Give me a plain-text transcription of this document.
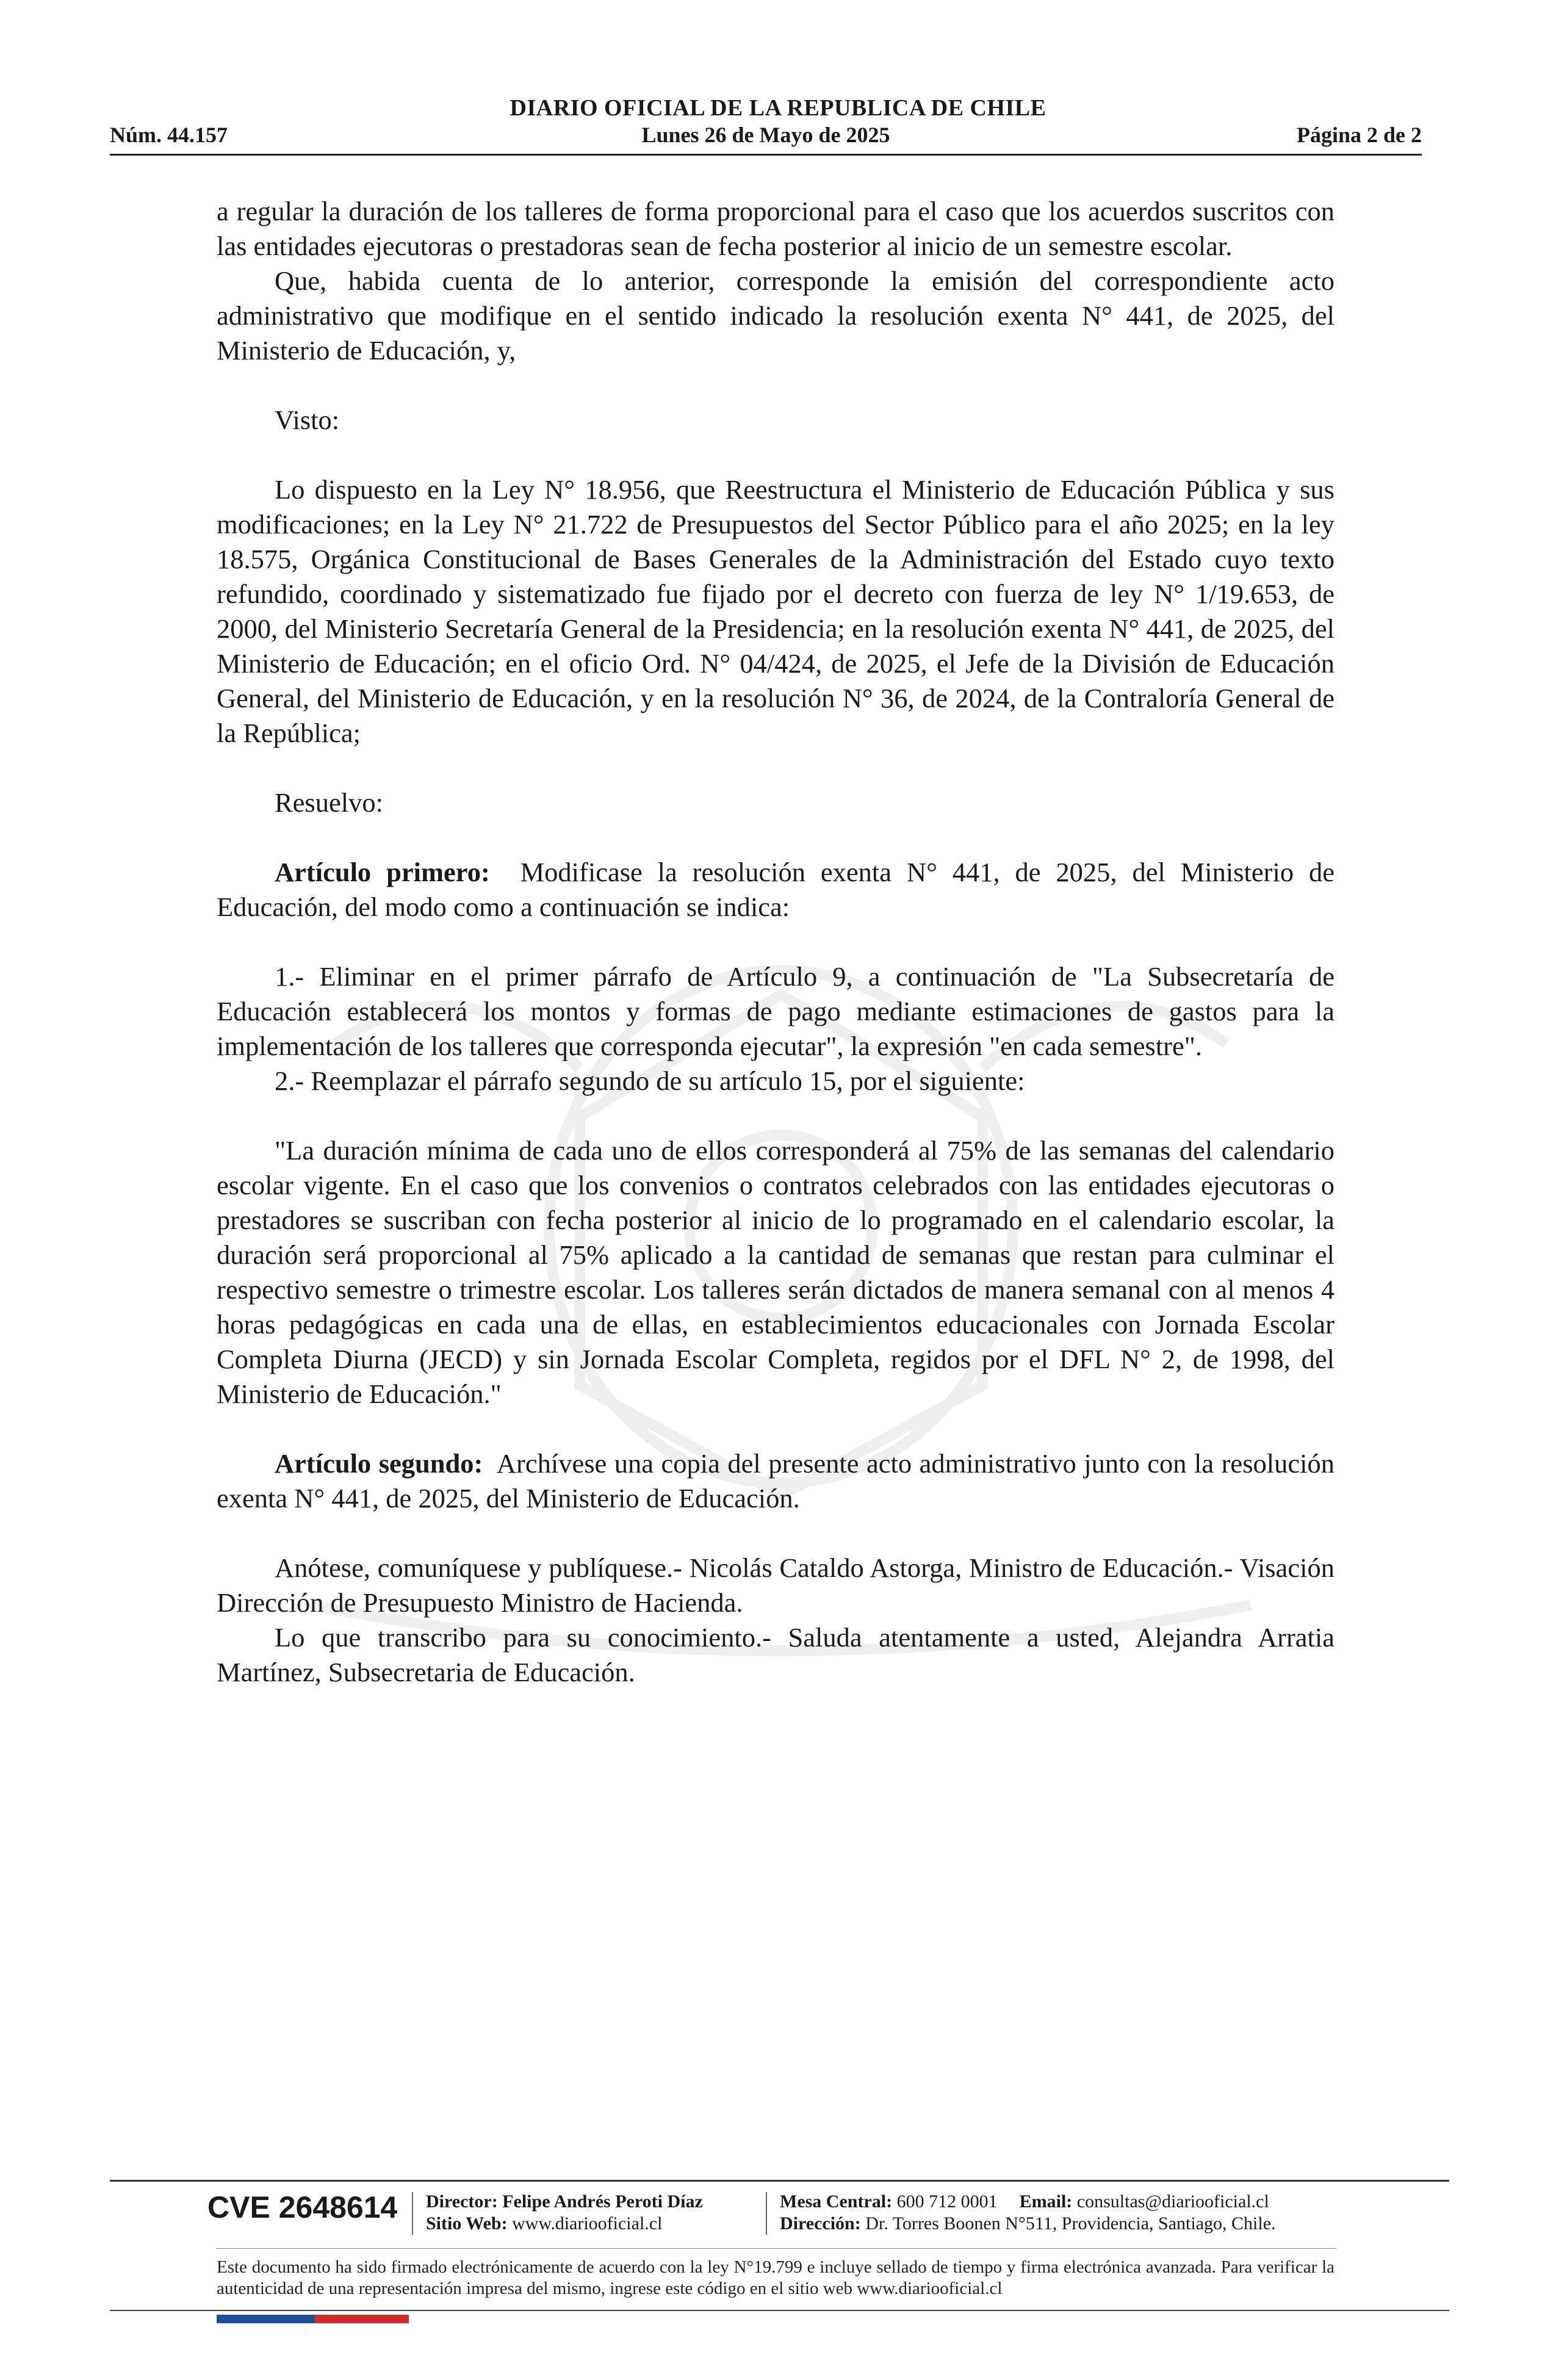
DIARIO OFICIAL DE LA REPUBLICA DE CHILE
Lunes 26 de Mayo de 2025
Núm. 44.157	Página 2 de 2

a regular la duración de los talleres de forma proporcional para el caso que los acuerdos suscritos con las entidades ejecutoras o prestadoras sean de fecha posterior al inicio de un semestre escolar.

Que, habida cuenta de lo anterior, corresponde la emisión del correspondiente acto administrativo que modifique en el sentido indicado la resolución exenta N° 441, de 2025, del Ministerio de Educación, y,

Visto:

Lo dispuesto en la Ley N° 18.956, que Reestructura el Ministerio de Educación Pública y sus modificaciones; en la Ley N° 21.722 de Presupuestos del Sector Público para el año 2025; en la ley 18.575, Orgánica Constitucional de Bases Generales de la Administración del Estado cuyo texto refundido, coordinado y sistematizado fue fijado por el decreto con fuerza de ley N° 1/19.653, de 2000, del Ministerio Secretaría General de la Presidencia; en la resolución exenta N° 441, de 2025, del Ministerio de Educación; en el oficio Ord. N° 04/424, de 2025, el Jefe de la División de Educación General, del Ministerio de Educación, y en la resolución N° 36, de 2024, de la Contraloría General de la República;

Resuelvo:

Artículo primero: Modificase la resolución exenta N° 441, de 2025, del Ministerio de Educación, del modo como a continuación se indica:

1.- Eliminar en el primer párrafo de Artículo 9, a continuación de "La Subsecretaría de Educación establecerá los montos y formas de pago mediante estimaciones de gastos para la implementación de los talleres que corresponda ejecutar", la expresión "en cada semestre".

2.- Reemplazar el párrafo segundo de su artículo 15, por el siguiente:

"La duración mínima de cada uno de ellos corresponderá al 75% de las semanas del calendario escolar vigente. En el caso que los convenios o contratos celebrados con las entidades ejecutoras o prestadores se suscriban con fecha posterior al inicio de lo programado en el calendario escolar, la duración será proporcional al 75% aplicado a la cantidad de semanas que restan para culminar el respectivo semestre o trimestre escolar. Los talleres serán dictados de manera semanal con al menos 4 horas pedagógicas en cada una de ellas, en establecimientos educacionales con Jornada Escolar Completa Diurna (JECD) y sin Jornada Escolar Completa, regidos por el DFL N° 2, de 1998, del Ministerio de Educación."

Artículo segundo: Archívese una copia del presente acto administrativo junto con la resolución exenta N° 441, de 2025, del Ministerio de Educación.

Anótese, comuníquese y publíquese.- Nicolás Cataldo Astorga, Ministro de Educación.- Visación Dirección de Presupuesto Ministro de Hacienda.

Lo que transcribo para su conocimiento.- Saluda atentamente a usted, Alejandra Arratia Martínez, Subsecretaria de Educación.

CVE 2648614 Director: Felipe Andrés Peroti Díaz
Sitio Web: www.diariooficial.cl
Mesa Central: 600 712 0001 Email: consultas@diariooficial.cl
Dirección: Dr. Torres Boonen N°511, Providencia, Santiago, Chile.
Este documento ha sido firmado electrónicamente de acuerdo con la ley N°19.799 e incluye sellado de tiempo y firma electrónica avanzada. Para verificar la autenticidad de una representación impresa del mismo, ingrese este código en el sitio web www.diariooficial.cl
